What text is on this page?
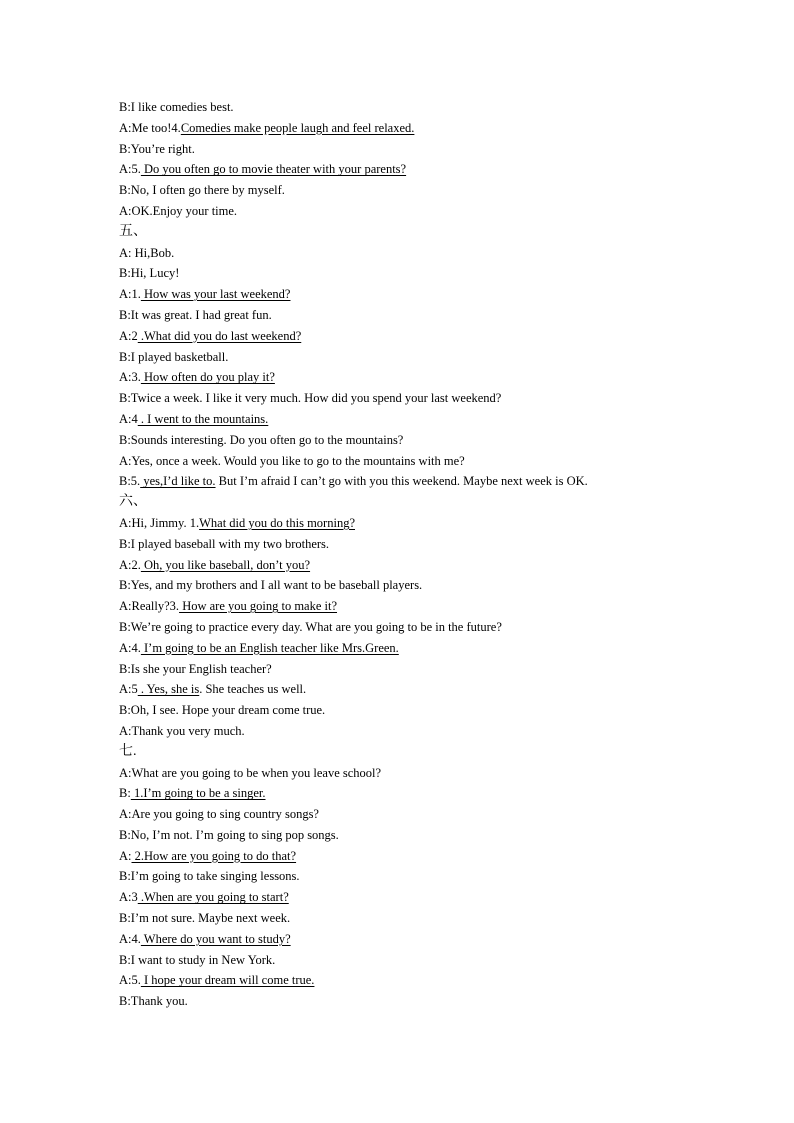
B:I like comedies best.
A:Me too!4.Comedies make people laugh and feel relaxed.
B:You’re right.
A:5. Do you often go to movie theater with your parents?
B:No, I often go there by myself.
A:OK.Enjoy your time.
五、
A: Hi,Bob.
B:Hi, Lucy!
A:1. How was your last weekend?
B:It was great. I had great fun.
A:2 .What did you do last weekend?
B:I played basketball.
A:3. How often do you play it?
B:Twice a week. I like it very much. How did you spend your last weekend?
A:4 . I went to the mountains.
B:Sounds interesting. Do you often go to the mountains?
A:Yes, once a week. Would you like to go to the mountains with me?
B:5. yes,I’d like to. But I’m afraid I can’t go with you this weekend. Maybe next week is OK.
六、
A:Hi, Jimmy. 1.What did you do this morning?
B:I played baseball with my two brothers.
A:2. Oh, you like baseball, don’t you?
B:Yes, and my brothers and I all want to be baseball players.
A:Really?3. How are you going to make it?
B:We’re going to practice every day. What are you going to be in the future?
A:4. I’m going to be an English teacher like Mrs.Green.
B:Is she your English teacher?
A:5 . Yes, she is. She teaches us well.
B:Oh, I see. Hope your dream come true.
A:Thank you very much.
七.
A:What are you going to be when you leave school?
B: 1.I’m going to be a singer.
A:Are you going to sing country songs?
B:No, I’m not. I’m going to sing pop songs.
A: 2.How are you going to do that?
B:I’m going to take singing lessons.
A:3 .When are you going to start?
B:I’m not sure. Maybe next week.
A:4. Where do you want to study?
B:I want to study in New York.
A:5. I hope your dream will come true.
B:Thank you.
